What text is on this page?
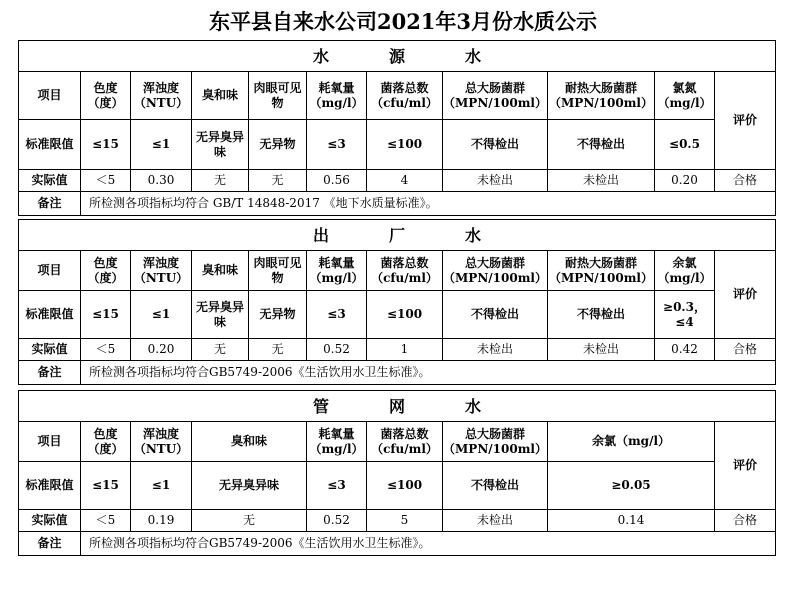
东平县自来水公司2021年3月份水质公示
水 源 水										

项目	色度（度）	浑浊度（NTU）	臭和味	肉眼可见物	耗氧量（mg/l）	菌落总数（cfu/ml）	总大肠菌群（MPN/100ml）	耐热大肠菌群（MPN/100ml）	氯氮（mg/l）	评价
标准限值	≤15	≤1	无异臭异味	无异物	≤3	≤100	不得检出	不得检出	≤0.5	
实际值	＜5	0.30	无	无	0.56	4	未检出	未检出	0.20	合格
备注	所检测各项指标均符合 GB/T 14848-2017 《地下水质量标准》。									
出 厂 水										

项目	色度（度）	浑浊度（NTU）	臭和味	肉眼可见物	耗氧量（mg/l）	菌落总数（cfu/ml）	总大肠菌群（MPN/100ml）	耐热大肠菌群（MPN/100ml）	余氯（mg/l）	评价
标准限值	≤15	≤1	无异臭异味	无异物	≤3	≤100	不得检出	不得检出	≥0.3，≤4	
实际值	＜5	0.20	无	无	0.52	1	未检出	未检出	0.42	合格
备注	所检测各项指标均符合GB5749-2006《生活饮用水卫生标准》。									
管 网 水								

项目	色度（度）	浑浊度（NTU）	臭和味	耗氧量（mg/l）	菌落总数（cfu/ml）	总大肠菌群（MPN/100ml）	余氯（mg/l）	评价
标准限值	≤15	≤1	无异臭异味	≤3	≤100	不得检出	≥0.05	
实际值	＜5	0.19	无	0.52	5	未检出	0.14	合格
备注	所检测各项指标均符合GB5749-2006《生活饮用水卫生标准》。							
